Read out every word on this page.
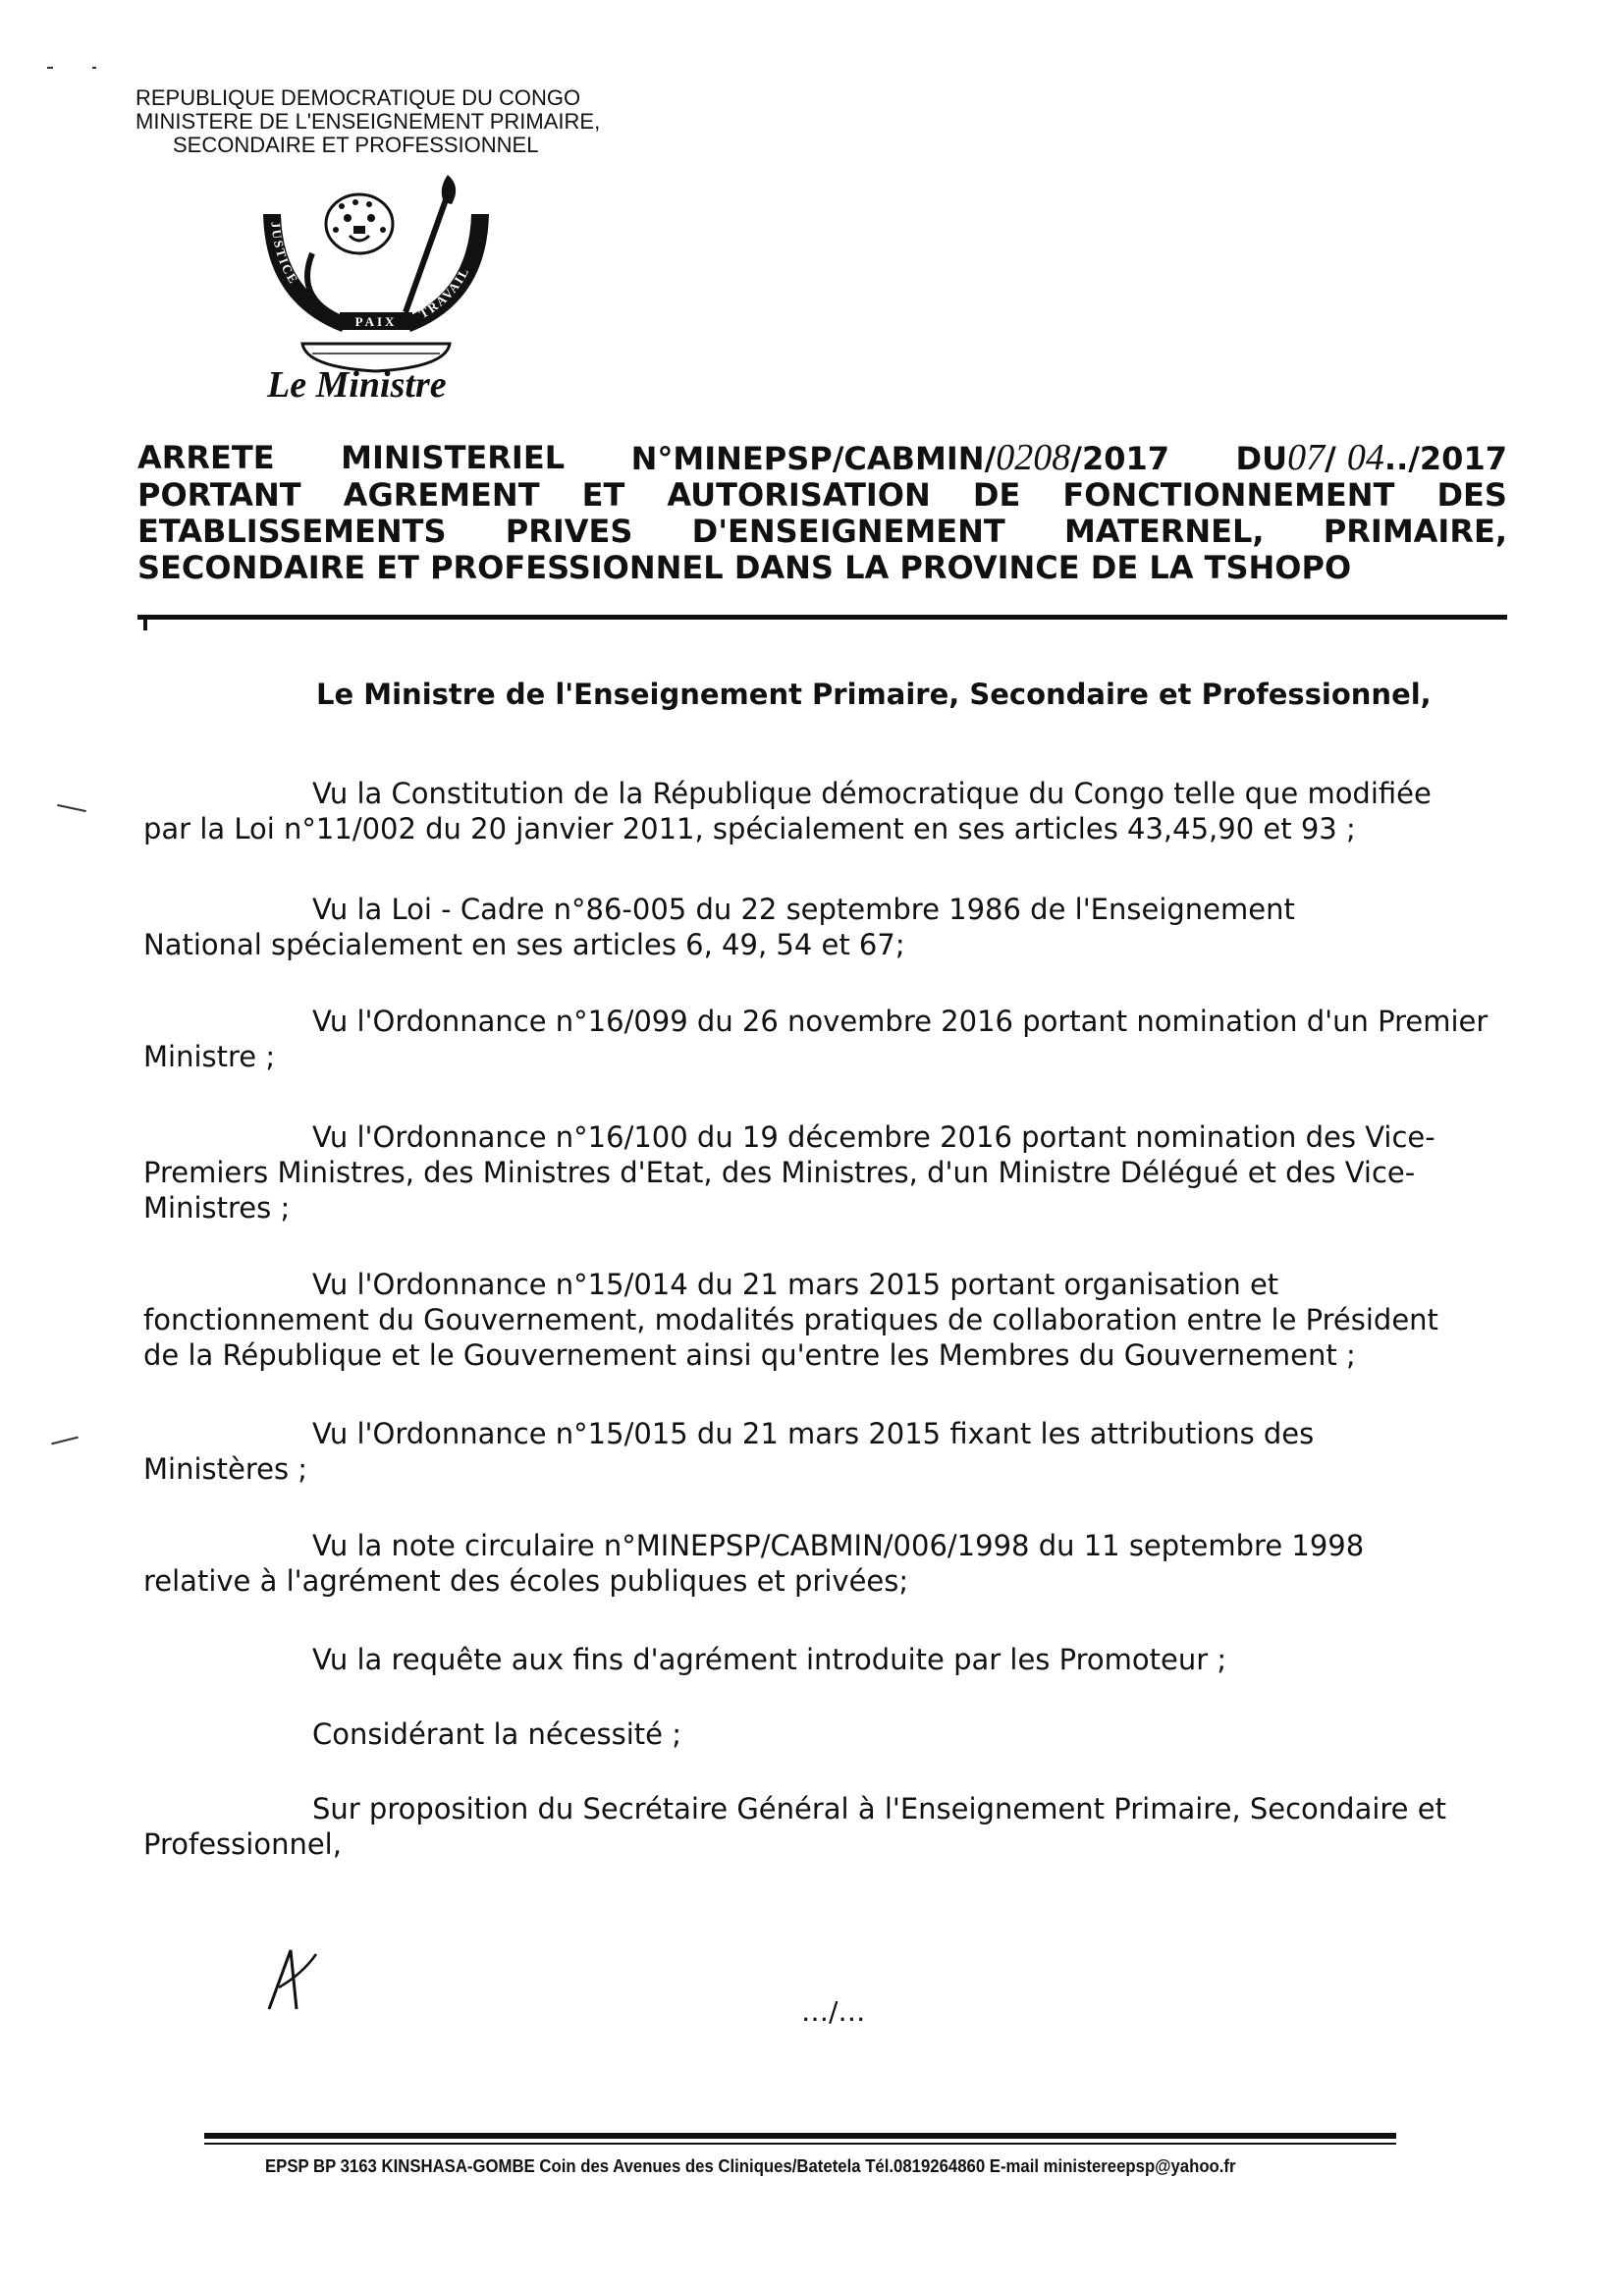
REPUBLIQUE DEMOCRATIQUE DU CONGO
MINISTERE DE L'ENSEIGNEMENT PRIMAIRE,
SECONDAIRE ET PROFESSIONNEL
JUSTICE
TRAVAIL
PAIX
Le Ministre
ARRETE MINISTERIEL N°MINEPSP/CABMIN/0208/2017 DU07/ 04../2017
PORTANT AGREMENT ET AUTORISATION DE FONCTIONNEMENT DES
ETABLISSEMENTS PRIVES D'ENSEIGNEMENT MATERNEL, PRIMAIRE,
SECONDAIRE ET PROFESSIONNEL DANS LA PROVINCE DE LA TSHOPO
Le Ministre de l'Enseignement Primaire, Secondaire et Professionnel,

Vu la Constitution de la République démocratique du Congo telle que modifiée
par la Loi n°11/002 du 20 janvier 2011, spécialement en ses articles 43,45,90 et 93 ;

Vu la Loi - Cadre n°86-005 du 22 septembre 1986 de l'Enseignement
National spécialement en ses articles 6, 49, 54 et 67;

Vu l'Ordonnance n°16/099 du 26 novembre 2016 portant nomination d'un Premier
Ministre ;

Vu l'Ordonnance n°16/100 du 19 décembre 2016 portant nomination des Vice-
Premiers Ministres, des Ministres d'Etat, des Ministres, d'un Ministre Délégué et des Vice-
Ministres ;

Vu l'Ordonnance n°15/014 du 21 mars 2015 portant organisation et
fonctionnement du Gouvernement, modalités pratiques de collaboration entre le Président
de la République et le Gouvernement ainsi qu'entre les Membres du Gouvernement ;

Vu l'Ordonnance n°15/015 du 21 mars 2015 fixant les attributions des
Ministères ;

Vu la note circulaire n°MINEPSP/CABMIN/006/1998 du 11 septembre 1998
relative à l'agrément des écoles publiques et privées;

Vu la requête aux fins d'agrément introduite par les Promoteur ;

Considérant la nécessité ;

Sur proposition du Secrétaire Général à l'Enseignement Primaire, Secondaire et
Professionnel,

…/…
EPSP BP 3163 KINSHASA-GOMBE Coin des Avenues des Cliniques/Batetela Tél.0819264860 E-mail ministereepsp@yahoo.fr
